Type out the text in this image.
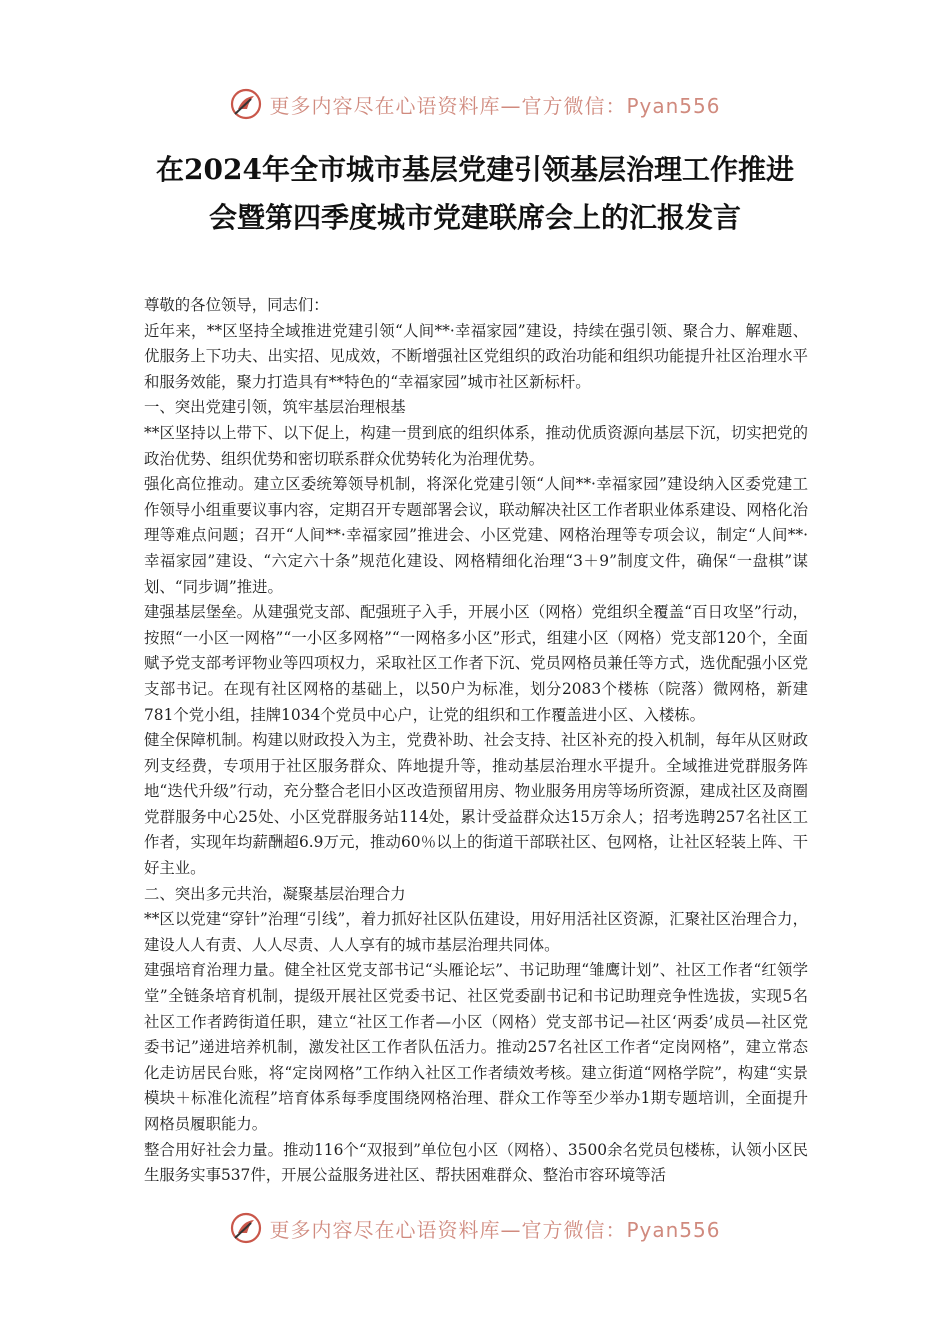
更多内容尽在心语资料库—官方微信：Pyan556
在2024年全市城市基层党建引领基层治理工作推进
会暨第四季度城市党建联席会上的汇报发言

尊敬的各位领导，同志们：

近年来，**区坚持全域推进党建引领“人间**·幸福家园”建设，持续在强引领、聚合力、解难题、优服务上下功夫、出实招、见成效，不断增强社区党组织的政治功能和组织功能提升社区治理水平和服务效能，聚力打造具有**特色的“幸福家园”城市社区新标杆。

一、突出党建引领，筑牢基层治理根基

**区坚持以上带下、以下促上，构建一贯到底的组织体系，推动优质资源向基层下沉，切实把党的政治优势、组织优势和密切联系群众优势转化为治理优势。

强化高位推动。建立区委统筹领导机制，将深化党建引领“人间**·幸福家园”建设纳入区委党建工作领导小组重要议事内容，定期召开专题部署会议，联动解决社区工作者职业体系建设、网格化治理等难点问题；召开“人间**·幸福家园”推进会、小区党建、网格治理等专项会议，制定“人间**·幸福家园”建设、“六定六十条”规范化建设、网格精细化治理“3＋9”制度文件，确保“一盘棋”谋划、“同步调”推进。

建强基层堡垒。从建强党支部、配强班子入手，开展小区（网格）党组织全覆盖“百日攻坚”行动，按照“一小区一网格”“一小区多网格”“一网格多小区”形式，组建小区（网格）党支部120个，全面赋予党支部考评物业等四项权力，采取社区工作者下沉、党员网格员兼任等方式，选优配强小区党支部书记。在现有社区网格的基础上，以50户为标准，划分2083个楼栋（院落）微网格，新建781个党小组，挂牌1034个党员中心户，让党的组织和工作覆盖进小区、入楼栋。

健全保障机制。构建以财政投入为主，党费补助、社会支持、社区补充的投入机制，每年从区财政列支经费，专项用于社区服务群众、阵地提升等，推动基层治理水平提升。全域推进党群服务阵地“迭代升级”行动，充分整合老旧小区改造预留用房、物业服务用房等场所资源，建成社区及商圈党群服务中心25处、小区党群服务站114处，累计受益群众达15万余人；招考选聘257名社区工作者，实现年均薪酬超6.9万元，推动60％以上的街道干部联社区、包网格，让社区轻装上阵、干好主业。

二、突出多元共治，凝聚基层治理合力

**区以党建“穿针”治理“引线”，着力抓好社区队伍建设，用好用活社区资源，汇聚社区治理合力，建设人人有责、人人尽责、人人享有的城市基层治理共同体。

建强培育治理力量。健全社区党支部书记“头雁论坛”、书记助理“雏鹰计划”、社区工作者“红领学堂”全链条培育机制，提级开展社区党委书记、社区党委副书记和书记助理竞争性选拔，实现5名社区工作者跨街道任职，建立“社区工作者—小区（网格）党支部书记—社区‘两委’成员—社区党委书记”递进培养机制，激发社区工作者队伍活力。推动257名社区工作者“定岗网格”，建立常态化走访居民台账，将“定岗网格”工作纳入社区工作者绩效考核。建立街道“网格学院”，构建“实景模块＋标准化流程”培育体系每季度围绕网格治理、群众工作等至少举办1期专题培训，全面提升网格员履职能力。

整合用好社会力量。推动116个“双报到”单位包小区（网格）、3500余名党员包楼栋，认领小区民生服务实事537件，开展公益服务进社区、帮扶困难群众、整治市容环境等活

更多内容尽在心语资料库—官方微信：Pyan556
